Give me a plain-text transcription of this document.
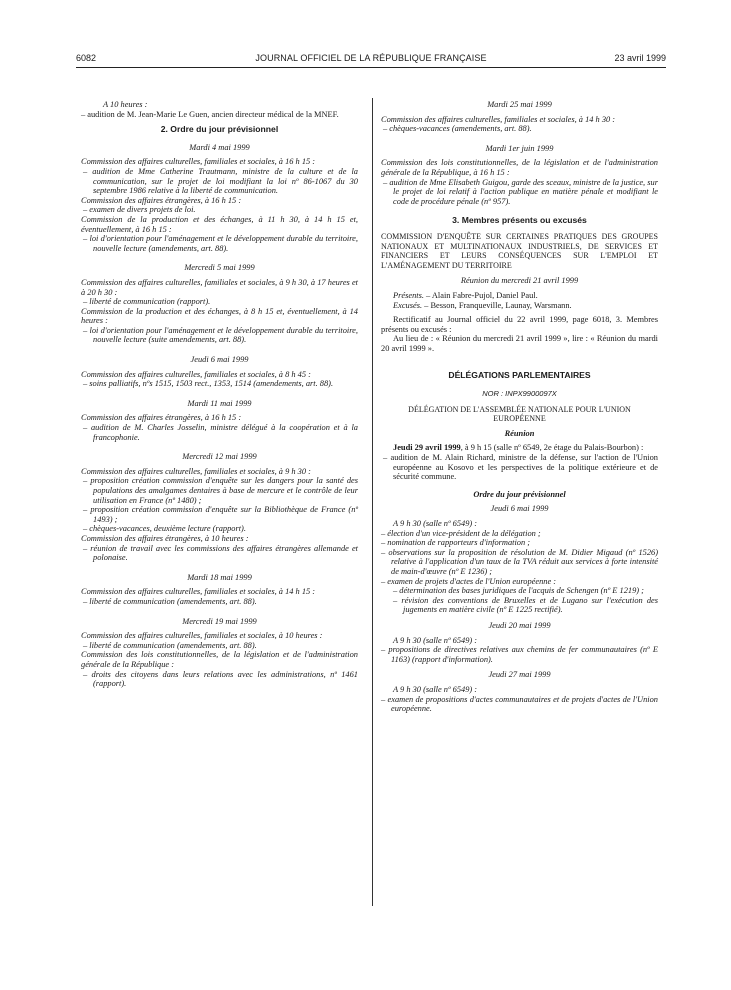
6082	JOURNAL OFFICIEL DE LA RÉPUBLIQUE FRANÇAISE	23 avril 1999

A 10 heures :

– audition de M. Jean-Marie Le Guen, ancien directeur médical de la MNEF.

2. Ordre du jour prévisionnel

Mardi 4 mai 1999

Commission des affaires culturelles, familiales et sociales, à 16 h 15 :

– audition de Mme Catherine Trautmann, ministre de la culture et de la communication, sur le projet de loi modifiant la loi nº 86-1067 du 30 septembre 1986 relative à la liberté de communication.

Commission des affaires étrangères, à 16 h 15 :

– examen de divers projets de loi.

Commission de la production et des échanges, à 11 h 30, à 14 h 15 et, éventuellement, à 16 h 15 :

– loi d'orientation pour l'aménagement et le développement durable du territoire, nouvelle lecture (amendements, art. 88).

Mercredi 5 mai 1999

Commission des affaires culturelles, familiales et sociales, à 9 h 30, à 17 heures et à 20 h 30 :

– liberté de communication (rapport).

Commission de la production et des échanges, à 8 h 15 et, éventuellement, à 14 heures :

– loi d'orientation pour l'aménagement et le développement durable du territoire, nouvelle lecture (suite amendements, art. 88).

Jeudi 6 mai 1999

Commission des affaires culturelles, familiales et sociales, à 8 h 45 :

– soins palliatifs, nºs 1515, 1503 rect., 1353, 1514 (amendements, art. 88).

Mardi 11 mai 1999

Commission des affaires étrangères, à 16 h 15 :

– audition de M. Charles Josselin, ministre délégué à la coopération et à la francophonie.

Mercredi 12 mai 1999

Commission des affaires culturelles, familiales et sociales, à 9 h 30 :

– proposition création commission d'enquête sur les dangers pour la santé des populations des amalgames dentaires à base de mercure et le contrôle de leur utilisation en France (nº 1480) ;

– proposition création commission d'enquête sur la Bibliothèque de France (nº 1493) ;

– chèques-vacances, deuxième lecture (rapport).

Commission des affaires étrangères, à 10 heures :

– réunion de travail avec les commissions des affaires étrangères allemande et polonaise.

Mardi 18 mai 1999

Commission des affaires culturelles, familiales et sociales, à 14 h 15 :

– liberté de communication (amendements, art. 88).

Mercredi 19 mai 1999

Commission des affaires culturelles, familiales et sociales, à 10 heures :

– liberté de communication (amendements, art. 88).

Commission des lois constitutionnelles, de la législation et de l'administration générale de la République :

– droits des citoyens dans leurs relations avec les administrations, nº 1461 (rapport).

Mardi 25 mai 1999

Commission des affaires culturelles, familiales et sociales, à 14 h 30 :

– chèques-vacances (amendements, art. 88).

Mardi 1er juin 1999

Commission des lois constitutionnelles, de la législation et de l'administration générale de la République, à 16 h 15 :

– audition de Mme Elisabeth Guigou, garde des sceaux, ministre de la justice, sur le projet de loi relatif à l'action publique en matière pénale et modifiant le code de procédure pénale (nº 957).

3. Membres présents ou excusés

COMMISSION D'ENQUÊTE SUR CERTAINES PRATIQUES DES GROUPES NATIONAUX ET MULTINATIONAUX INDUSTRIELS, DE SERVICES ET FINANCIERS ET LEURS CONSÉQUENCES SUR L'EMPLOI ET L'AMÉNAGEMENT DU TERRITOIRE

Réunion du mercredi 21 avril 1999

Présents. – Alain Fabre-Pujol, Daniel Paul.

Excusés. – Besson, Franqueville, Launay, Warsmann.

Rectificatif au Journal officiel du 22 avril 1999, page 6018, 3. Membres présents ou excusés :

Au lieu de : « Réunion du mercredi 21 avril 1999 », lire : « Réunion du mardi 20 avril 1999 ».

DÉLÉGATIONS PARLEMENTAIRES

NOR : INPX9900097X

DÉLÉGATION DE L'ASSEMBLÉE NATIONALE POUR L'UNION EUROPÉENNE

Réunion

Jeudi 29 avril 1999, à 9 h 15 (salle nº 6549, 2e étage du Palais-Bourbon) :

– audition de M. Alain Richard, ministre de la défense, sur l'action de l'Union européenne au Kosovo et les perspectives de la politique extérieure et de sécurité commune.

Ordre du jour prévisionnel

Jeudi 6 mai 1999

A 9 h 30 (salle nº 6549) :

– élection d'un vice-président de la délégation ;

– nomination de rapporteurs d'information ;

– observations sur la proposition de résolution de M. Didier Migaud (nº 1526) relative à l'application d'un taux de la TVA réduit aux services à forte intensité de main-d'œuvre (nº E 1236) ;

– examen de projets d'actes de l'Union européenne :

– détermination des bases juridiques de l'acquis de Schengen (nº E 1219) ;

– révision des conventions de Bruxelles et de Lugano sur l'exécution des jugements en matière civile (nº E 1225 rectifié).

Jeudi 20 mai 1999

A 9 h 30 (salle nº 6549) :

– propositions de directives relatives aux chemins de fer communautaires (nº E 1163) (rapport d'information).

Jeudi 27 mai 1999

A 9 h 30 (salle nº 6549) :

– examen de propositions d'actes communautaires et de projets d'actes de l'Union européenne.
